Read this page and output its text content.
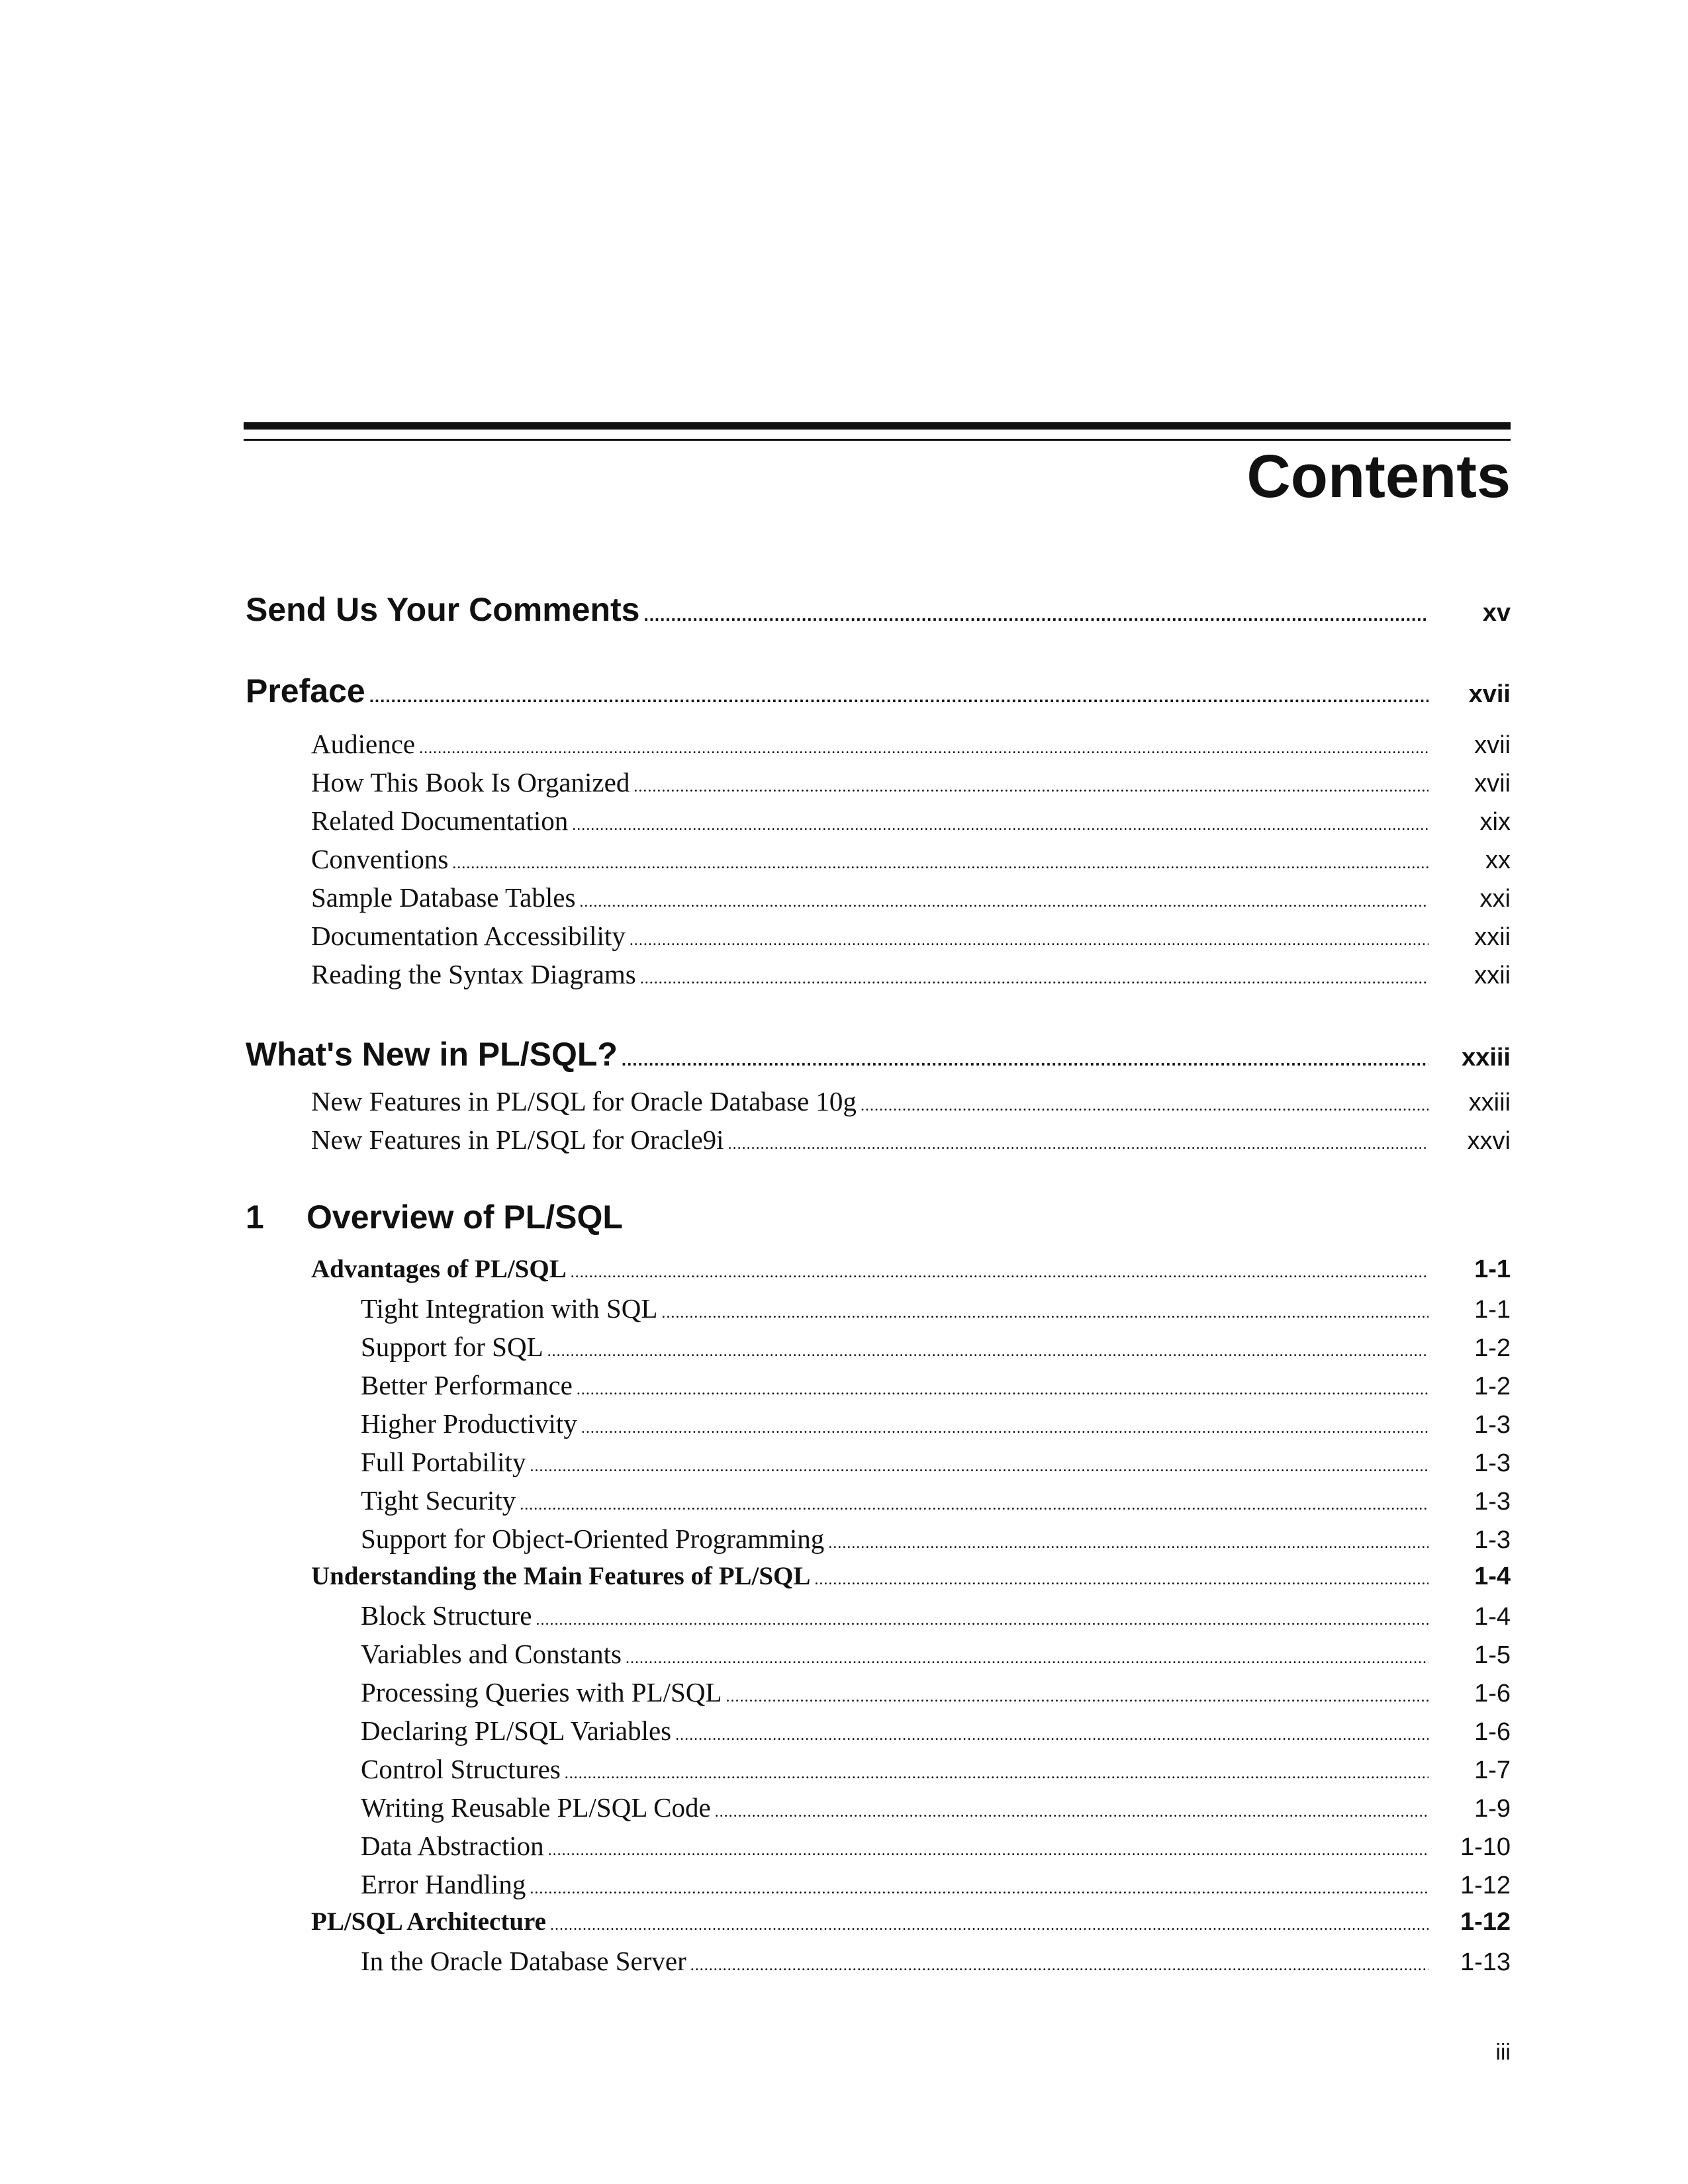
Contents
Send Us Your Comments .....	xv
Preface .....	xvii
Audience .....	xvii
How This Book Is Organized .....	xvii
Related Documentation .....	xix
Conventions .....	xx
Sample Database Tables .....	xxi
Documentation Accessibility .....	xxii
Reading the Syntax Diagrams .....	xxii
What's New in PL/SQL? .....	xxiii
New Features in PL/SQL for Oracle Database 10g .....	xxiii
New Features in PL/SQL for Oracle9i .....	xxvi
1	Overview of PL/SQL
Advantages of PL/SQL .....	1-1
Tight Integration with SQL .....	1-1
Support for SQL .....	1-2
Better Performance .....	1-2
Higher Productivity .....	1-3
Full Portability .....	1-3
Tight Security .....	1-3
Support for Object-Oriented Programming .....	1-3
Understanding the Main Features of PL/SQL .....	1-4
Block Structure .....	1-4
Variables and Constants .....	1-5
Processing Queries with PL/SQL .....	1-6
Declaring PL/SQL Variables .....	1-6
Control Structures .....	1-7
Writing Reusable PL/SQL Code .....	1-9
Data Abstraction .....	1-10
Error Handling .....	1-12
PL/SQL Architecture .....	1-12
In the Oracle Database Server .....	1-13
iii
